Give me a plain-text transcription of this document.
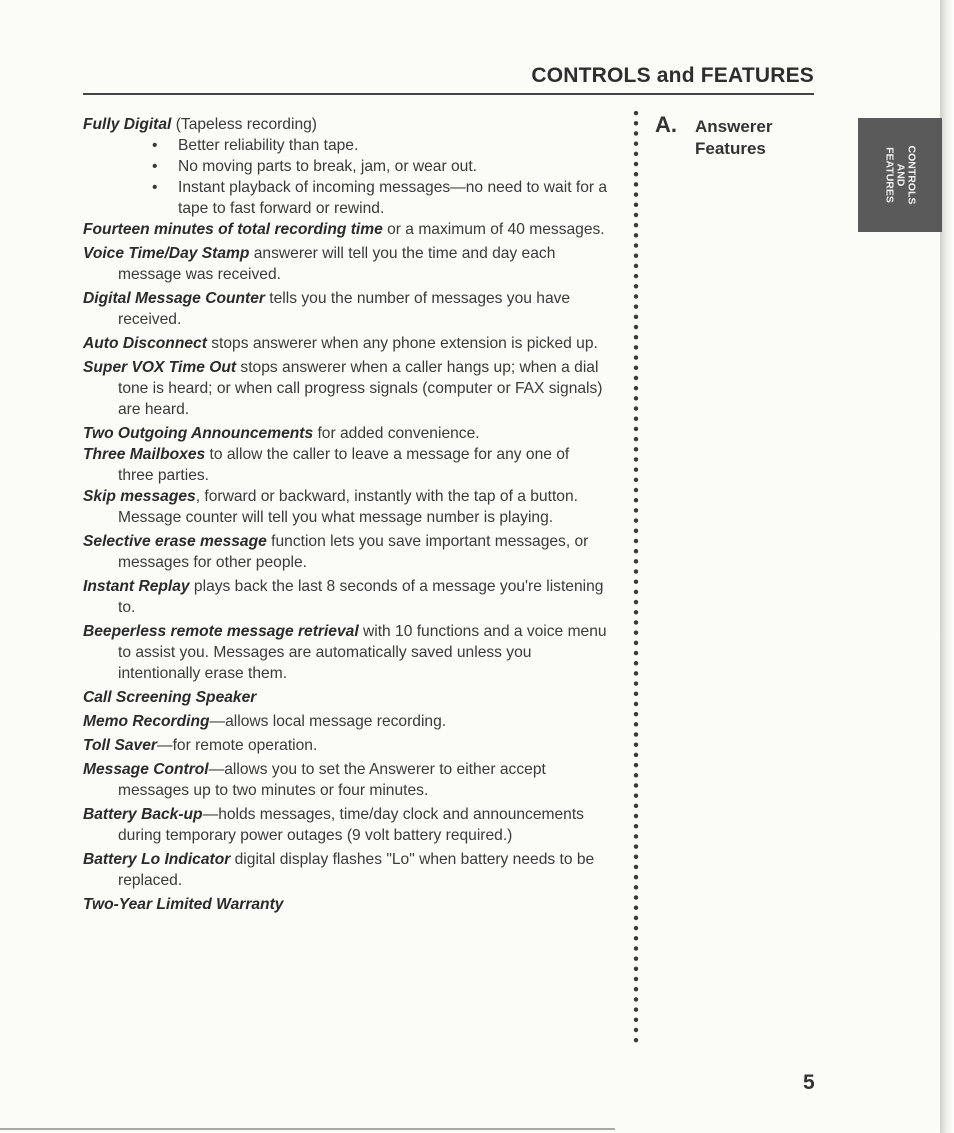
CONTROLS and FEATURES
Fully Digital (Tapeless recording)
• Better reliability than tape.
• No moving parts to break, jam, or wear out.
• Instant playback of incoming messages—no need to wait for a tape to fast forward or rewind.
Fourteen minutes of total recording time or a maximum of 40 messages.
Voice Time/Day Stamp answerer will tell you the time and day each message was received.
Digital Message Counter tells you the number of messages you have received.
Auto Disconnect stops answerer when any phone extension is picked up.
Super VOX Time Out stops answerer when a caller hangs up; when a dial tone is heard; or when call progress signals (computer or FAX signals) are heard.
Two Outgoing Announcements for added convenience.
Three Mailboxes to allow the caller to leave a message for any one of three parties.
Skip messages, forward or backward, instantly with the tap of a button. Message counter will tell you what message number is playing.
Selective erase message function lets you save important messages, or messages for other people.
Instant Replay plays back the last 8 seconds of a message you're listening to.
Beeperless remote message retrieval with 10 functions and a voice menu to assist you. Messages are automatically saved unless you intentionally erase them.
Call Screening Speaker
Memo Recording—allows local message recording.
Toll Saver—for remote operation.
Message Control—allows you to set the Answerer to either accept messages up to two minutes or four minutes.
Battery Back-up—holds messages, time/day clock and announcements during temporary power outages (9 volt battery required.)
Battery Lo Indicator digital display flashes "Lo" when battery needs to be replaced.
Two-Year Limited Warranty
A. Answerer
Features	CONTROLS
AND
FEATURES
5
